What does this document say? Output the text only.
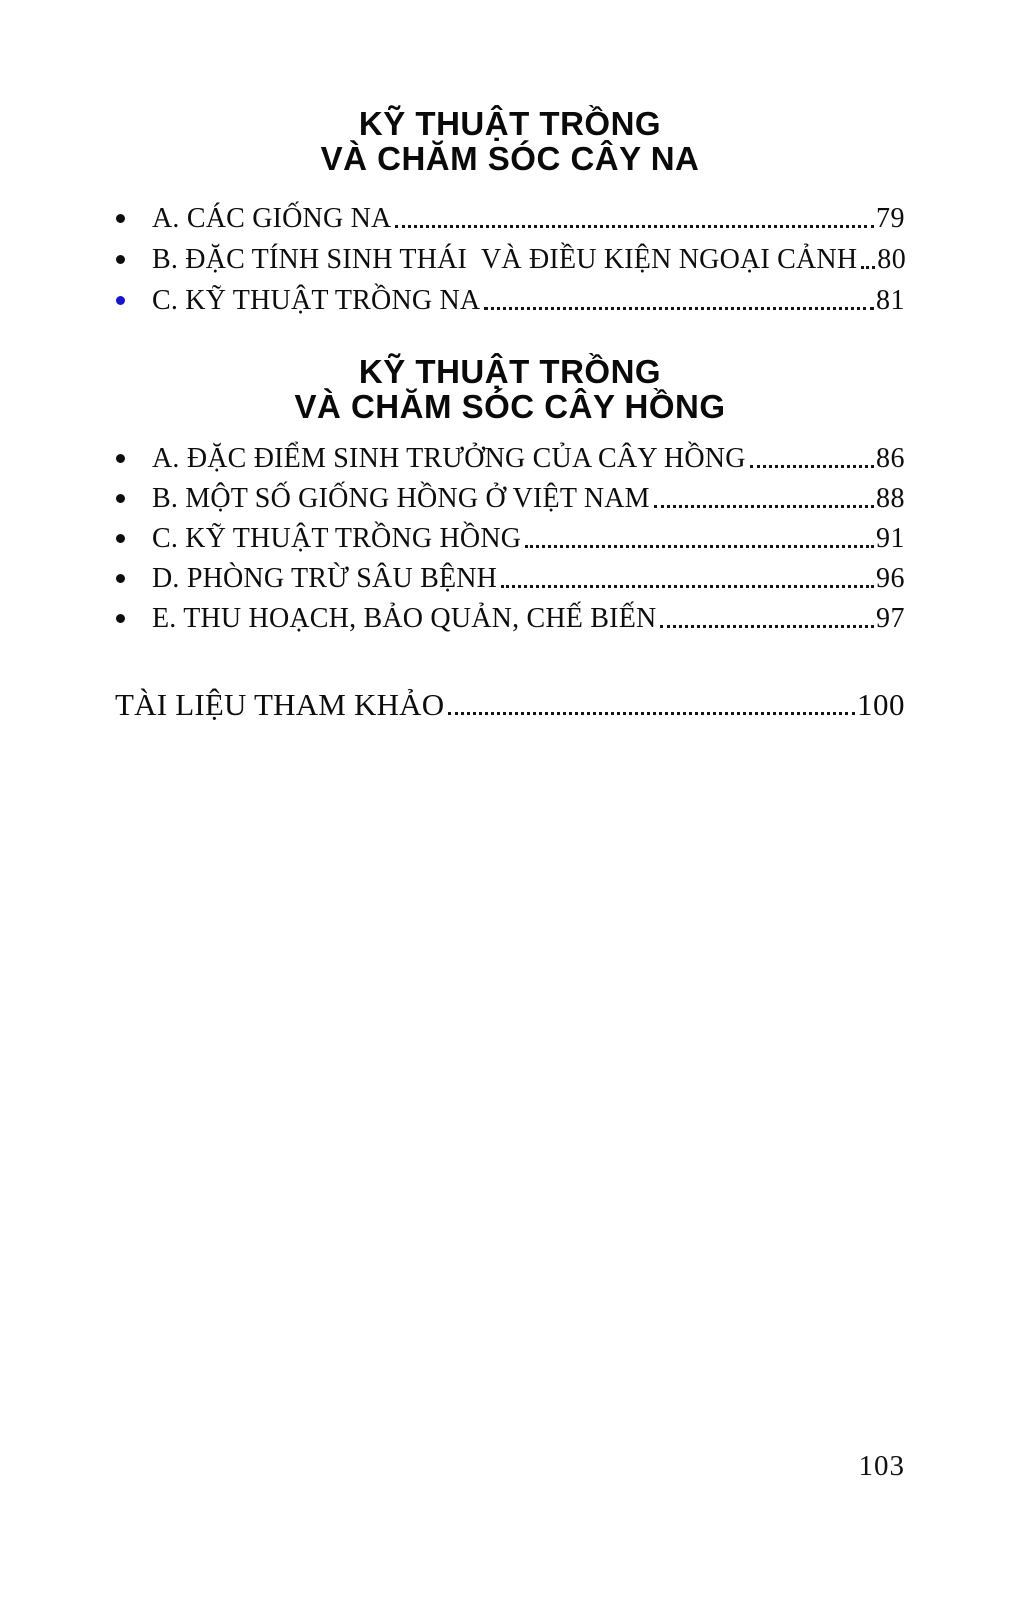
KỸ THUẬT TRỒNG
VÀ CHĂM SÓC CÂY NA
A. CÁC GIỐNG NA	79
B. ĐẶC TÍNH SINH THÁI  VÀ ĐIỀU KIỆN NGOẠI CẢNH 80
C. KỸ THUẬT TRỒNG NA	81
KỸ THUẬT TRỒNG
VÀ CHĂM SÓC CÂY HỒNG
A. ĐẶC ĐIỂM SINH TRƯỞNG CỦA CÂY HỒNG	86
B. MỘT SỐ GIỐNG HỒNG Ở VIỆT NAM	88
C. KỸ THUẬT TRỒNG HỒNG	91
D. PHÒNG TRỪ SÂU BỆNH	96
E. THU HOẠCH, BẢO QUẢN, CHẾ BIẾN	97
TÀI LIỆU THAM KHẢO	100
103
